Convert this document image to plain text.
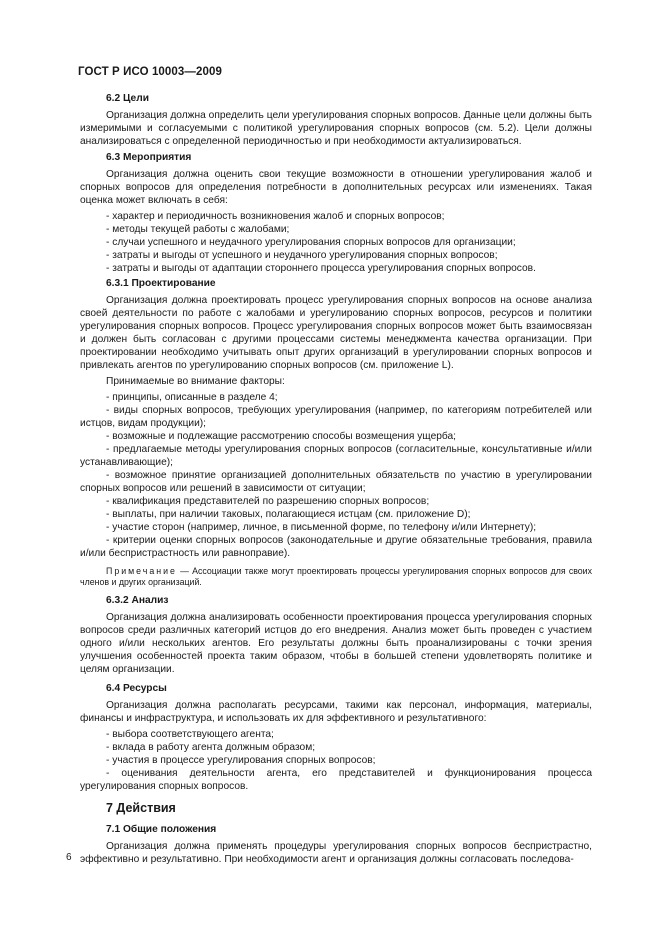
ГОСТ Р ИСО 10003—2009
6.2 Цели

Организация должна определить цели урегулирования спорных вопросов. Данные цели должны быть измеримыми и согласуемыми с политикой урегулирования спорных вопросов (см. 5.2). Цели должны анализироваться с определенной периодичностью и при необходимости актуализироваться.

6.3 Мероприятия

Организация должна оценить свои текущие возможности в отношении урегулирования жалоб и спорных вопросов для определения потребности в дополнительных ресурсах или изменениях. Такая оценка может включать в себя:

- характер и периодичность возникновения жалоб и спорных вопросов;
- методы текущей работы с жалобами;
- случаи успешного и неудачного урегулирования спорных вопросов для организации;
- затраты и выгоды от успешного и неудачного урегулирования спорных вопросов;
- затраты и выгоды от адаптации стороннего процесса урегулирования спорных вопросов.
6.3.1 Проектирование

Организация должна проектировать процесс урегулирования спорных вопросов на основе анализа своей деятельности по работе с жалобами и урегулированию спорных вопросов, ресурсов и политики урегулирования спорных вопросов. Процесс урегулирования спорных вопросов может быть взаимосвязан и должен быть согласован с другими процессами системы менеджмента качества организации. При проектировании необходимо учитывать опыт других организаций в урегулировании спорных вопросов и привлекать агентов по урегулированию спорных вопросов (см. приложение L).

Принимаемые во внимание факторы:

- принципы, описанные в разделе 4;
- виды спорных вопросов, требующих урегулирования (например, по категориям потребителей или истцов, видам продукции);
- возможные и подлежащие рассмотрению способы возмещения ущерба;
- предлагаемые методы урегулирования спорных вопросов (согласительные, консультативные и/или устанавливающие);
- возможное принятие организацией дополнительных обязательств по участию в урегулировании спорных вопросов или решений в зависимости от ситуации;
- квалификация представителей по разрешению спорных вопросов;
- выплаты, при наличии таковых, полагающиеся истцам (см. приложение D);
- участие сторон (например, личное, в письменной форме, по телефону и/или Интернету);
- критерии оценки спорных вопросов (законодательные и другие обязательные требования, правила и/или беспристрастность или равноправие).
Примечание — Ассоциации также могут проектировать процессы урегулирования спорных вопросов для своих членов и других организаций.
6.3.2 Анализ

Организация должна анализировать особенности проектирования процесса урегулирования спорных вопросов среди различных категорий истцов до его внедрения. Анализ может быть проведен с участием одного и/или нескольких агентов. Его результаты должны быть проанализированы с точки зрения улучшения особенностей проекта таким образом, чтобы в большей степени удовлетворять политике и целям организации.

6.4 Ресурсы

Организация должна располагать ресурсами, такими как персонал, информация, материалы, финансы и инфраструктура, и использовать их для эффективного и результативного:

- выбора соответствующего агента;
- вклада в работу агента должным образом;
- участия в процессе урегулирования спорных вопросов;
- оценивания деятельности агента, его представителей и функционирования процесса урегулирования спорных вопросов.
7 Действия
7.1 Общие положения

Организация должна применять процедуры урегулирования спорных вопросов беспристрастно, эффективно и результативно. При необходимости агент и организация должны согласовать последова-

6
